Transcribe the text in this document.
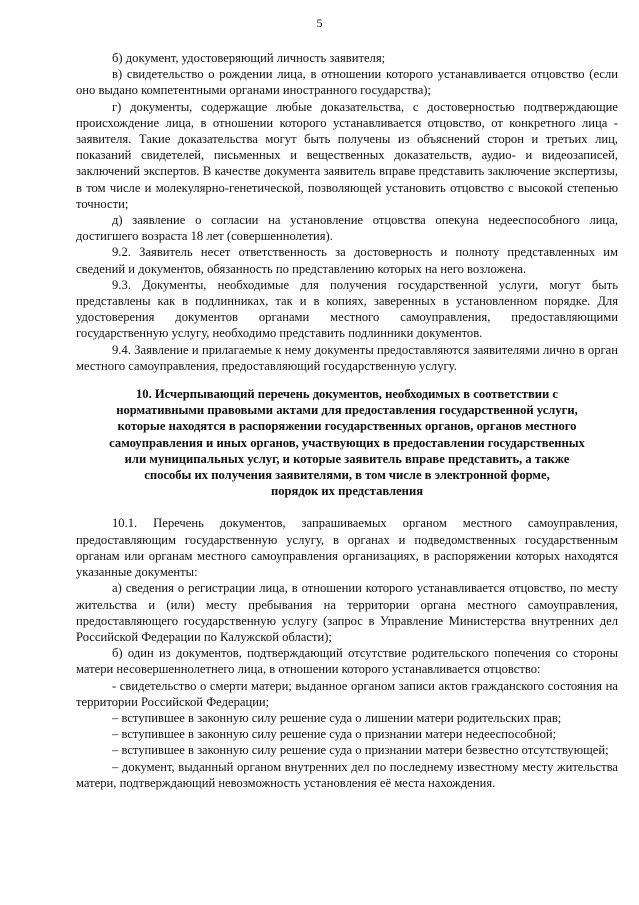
5

б) документ, удостоверяющий личность заявителя;

в) свидетельство о рождении лица, в отношении которого устанавливается отцовство (если оно выдано компетентными органами иностранного государства);

г) документы, содержащие любые доказательства, с достоверностью подтверждающие происхождение лица, в отношении которого устанавливается отцовство, от конкретного лица - заявителя. Такие доказательства могут быть получены из объяснений сторон и третьих лиц, показаний свидетелей, письменных и вещественных доказательств, аудио- и видеозаписей, заключений экспертов. В качестве документа заявитель вправе представить заключение экспертизы, в том числе и молекулярно-генетической, позволяющей установить отцовство с высокой степенью точности;

д) заявление о согласии на установление отцовства опекуна недееспособного лица, достигшего возраста 18 лет (совершеннолетия).

9.2. Заявитель несет ответственность за достоверность и полноту представленных им сведений и документов, обязанность по представлению которых на него возложена.

9.3. Документы, необходимые для получения государственной услуги, могут быть представлены как в подлинниках, так и в копиях, заверенных в установленном порядке. Для удостоверения документов органами местного самоуправления, предоставляющими государственную услугу, необходимо представить подлинники документов.

9.4. Заявление и прилагаемые к нему документы предоставляются заявителями лично в орган местного самоуправления, предоставляющий государственную услугу.

10. Исчерпывающий перечень документов, необходимых в соответствии с
нормативными правовыми актами для предоставления государственной услуги,
которые находятся в распоряжении государственных органов, органов местного
самоуправления и иных органов, участвующих в предоставлении государственных
или муниципальных услуг, и которые заявитель вправе представить, а также
способы их получения заявителями, в том числе в электронной форме,
порядок их представления

10.1. Перечень документов, запрашиваемых органом местного самоуправления, предоставляющим государственную услугу, в органах и подведомственных государственным органам или органам местного самоуправления организациях, в распоряжении которых находятся указанные документы:

а) сведения о регистрации лица, в отношении которого устанавливается отцовство, по месту жительства и (или) месту пребывания на территории органа местного самоуправления, предоставляющего государственную услугу (запрос в Управление Министерства внутренних дел Российской Федерации по Калужской области);

б) один из документов, подтверждающий отсутствие родительского попечения со стороны матери несовершеннолетнего лица, в отношении которого устанавливается отцовство:

- свидетельство о смерти матери; выданное органом записи актов гражданского состояния на территории Российской Федерации;

– вступившее в законную силу решение суда о лишении матери родительских прав;

– вступившее в законную силу решение суда о признании матери недееспособной;

– вступившее в законную силу решение суда о признании матери безвестно отсутствующей;

– документ, выданный органом внутренних дел по последнему известному месту жительства матери, подтверждающий невозможность установления её места нахождения.
